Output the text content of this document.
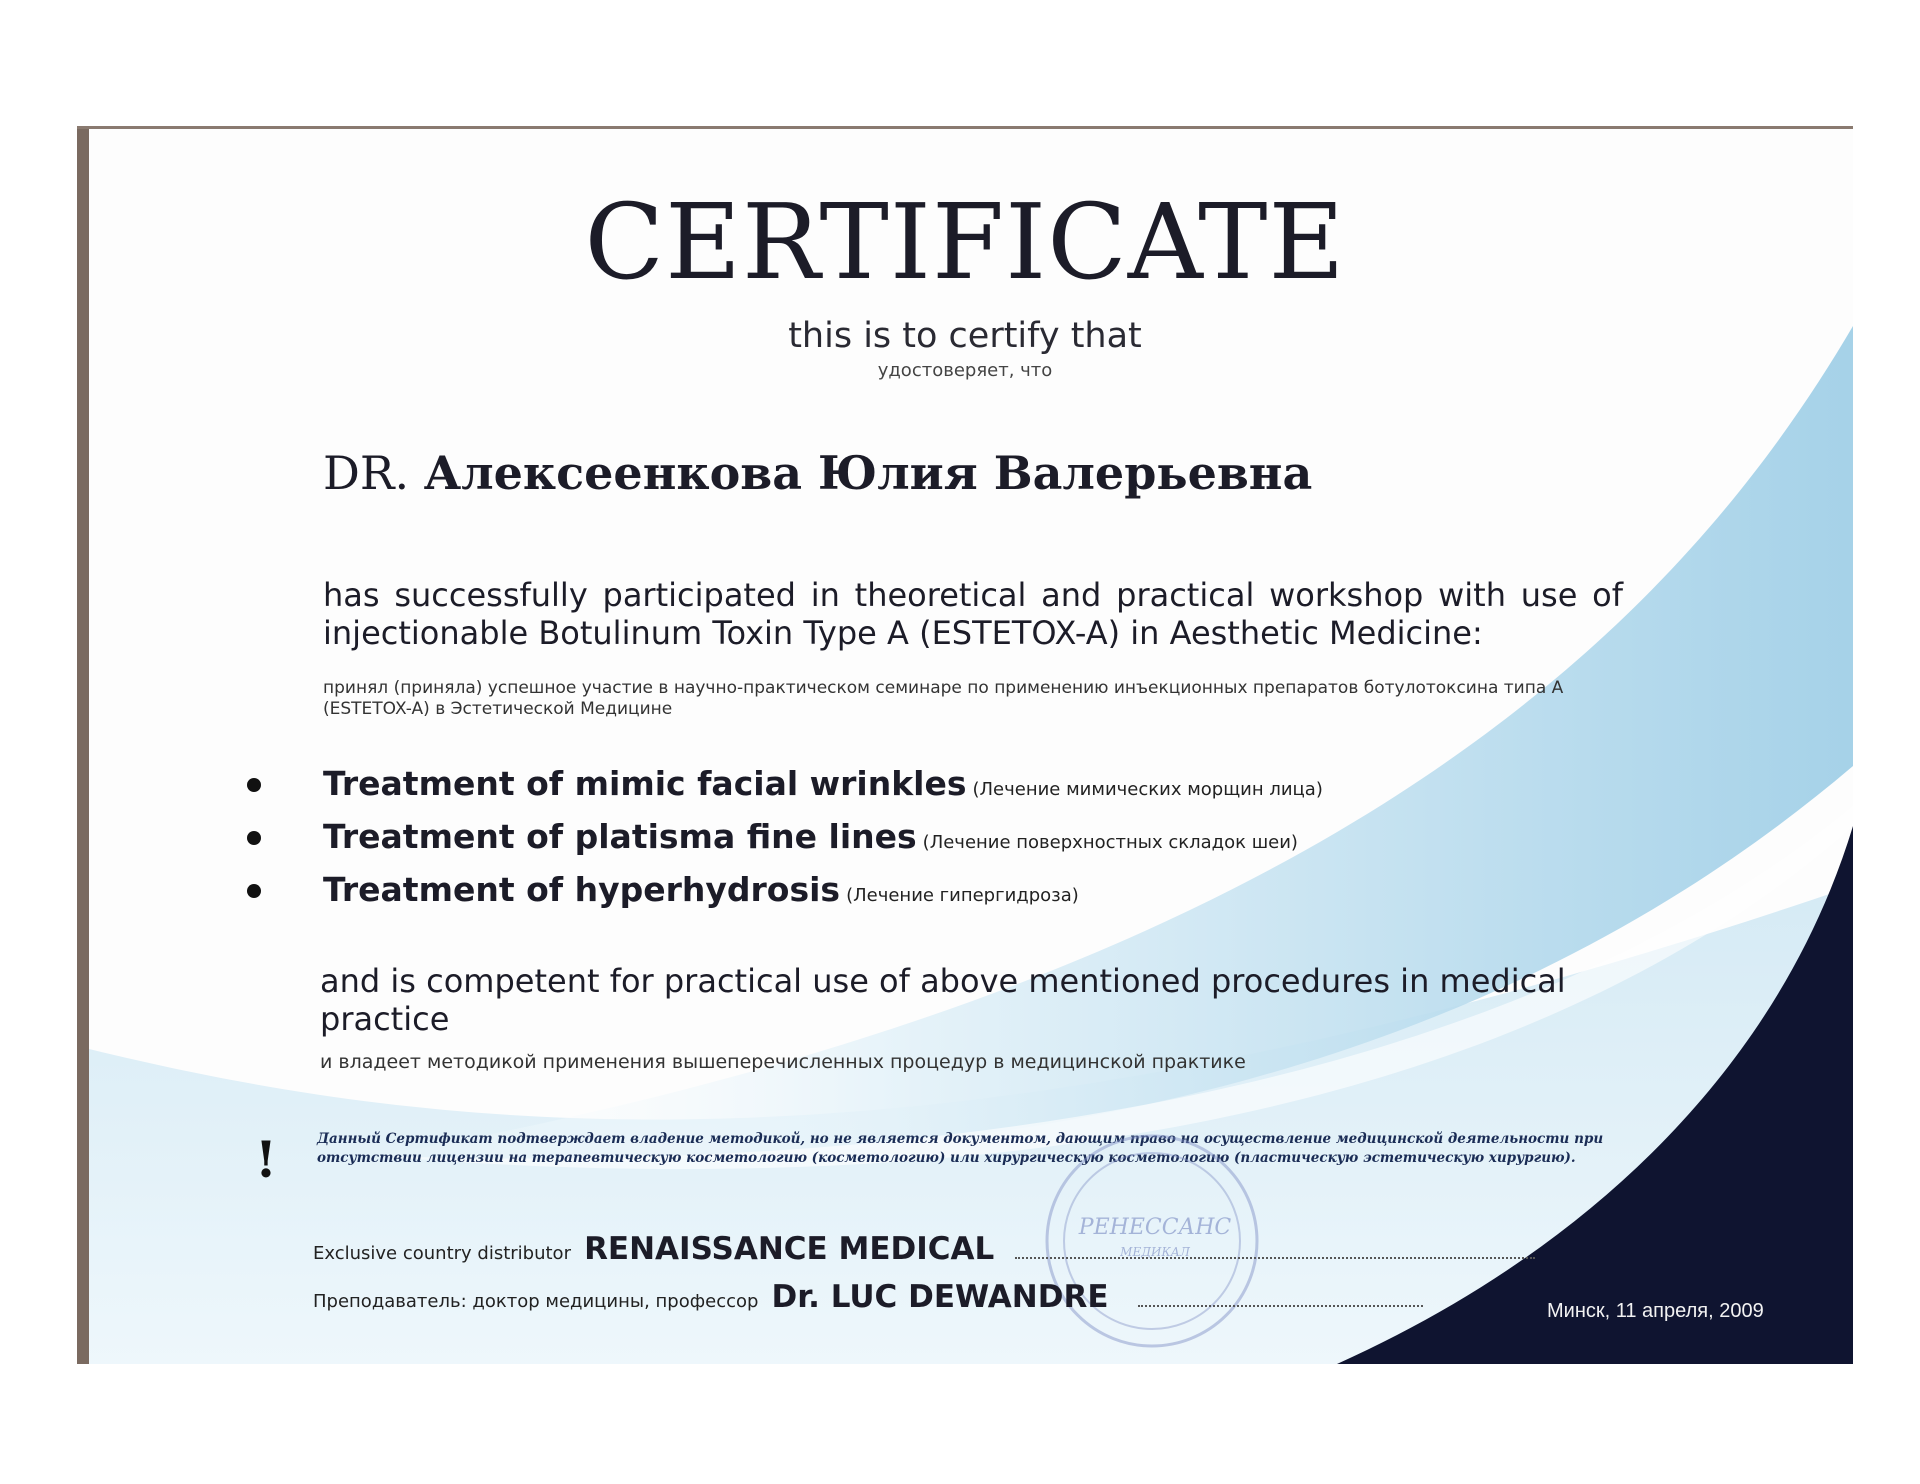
CERTIFICATE
this is to certify that
удостоверяет, что
DR. Алексеенкова Юлия Валерьевна
has successfully participated in theoretical and practical workshop with use of injectionable Botulinum Toxin Type A (ESTETOX-A) in Aesthetic Medicine:
принял (приняла) успешное участие в научно-практическом семинаре по применению инъекционных препаратов ботулотоксина типа А (ESTETOX-A) в Эстетической Медицине
Treatment of mimic facial wrinkles (Лечение мимических морщин лица)
Treatment of platisma fine lines (Лечение поверхностных складок шеи)
Treatment of hyperhydrosis (Лечение гипергидроза)
and is competent for practical use of above mentioned procedures in medical practice
и владеет методикой применения вышеперечисленных процедур в медицинской практике
!	Данный Сертификат подтверждает владение методикой, но не является документом, дающим право на осуществление медицинской деятельности при отсутствии лицензии на терапевтическую косметологию (косметологию) или хирургическую косметологию (пластическую эстетическую хирургию).
РЕНЕССАНС
МЕДИКАЛ
Exclusive country distributor RENAISSANCE MEDICAL
Преподаватель: доктор медицины, профессор Dr. LUC DEWANDRE	Минск, 11 апреля, 2009
